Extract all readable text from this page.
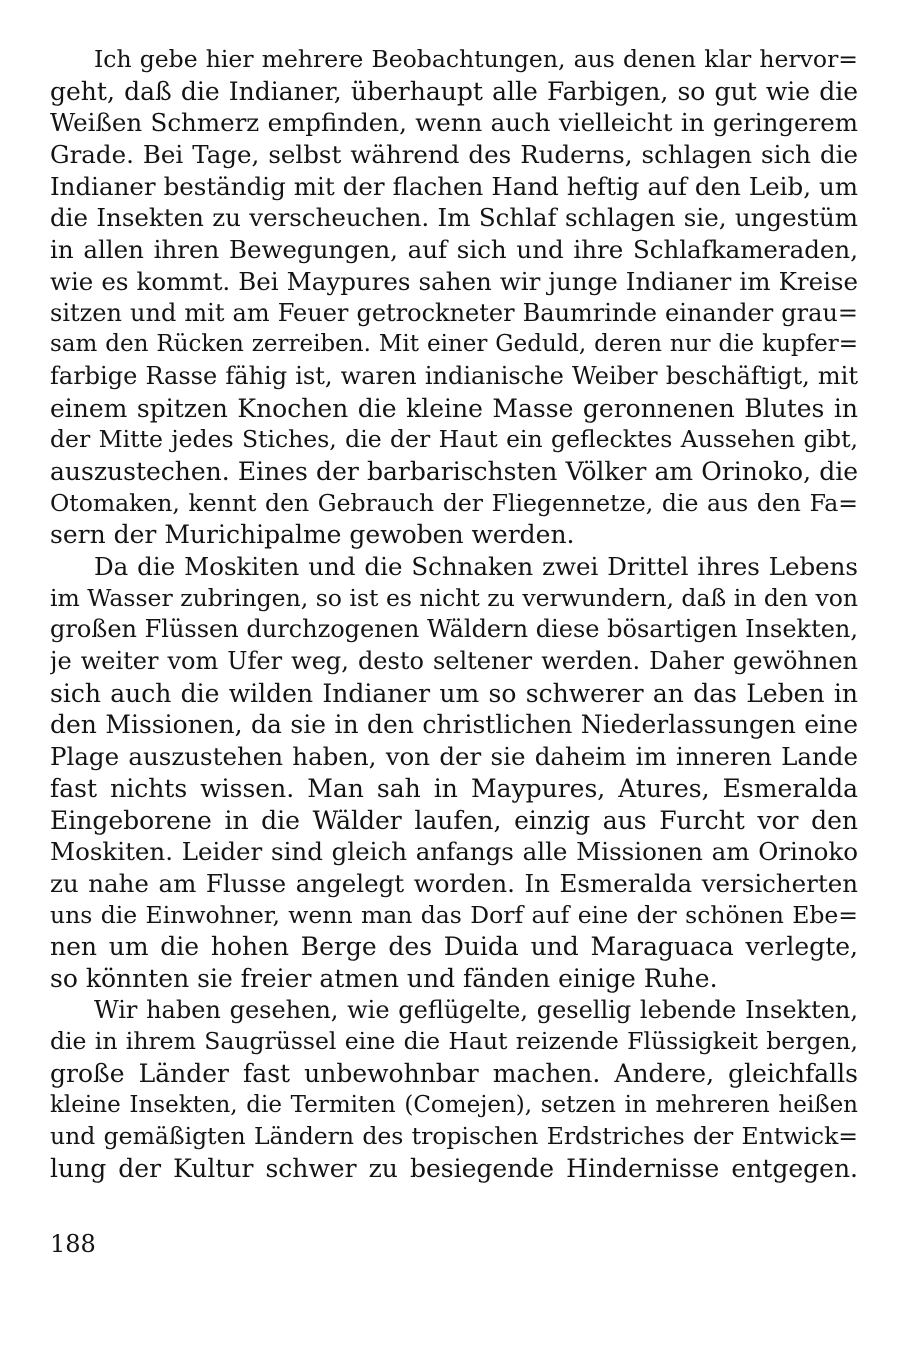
Ich gebe hier mehrere Beobachtungen, aus denen klar hervor=
geht, daß die Indianer, überhaupt alle Farbigen, so gut wie die
Weißen Schmerz empfinden, wenn auch vielleicht in geringerem
Grade. Bei Tage, selbst während des Ruderns, schlagen sich die
Indianer beständig mit der flachen Hand heftig auf den Leib, um
die Insekten zu verscheuchen. Im Schlaf schlagen sie, ungestüm
in allen ihren Bewegungen, auf sich und ihre Schlafkameraden,
wie es kommt. Bei Maypures sahen wir junge Indianer im Kreise
sitzen und mit am Feuer getrockneter Baumrinde einander grau=
sam den Rücken zerreiben. Mit einer Geduld, deren nur die kupfer=
farbige Rasse fähig ist, waren indianische Weiber beschäftigt, mit
einem spitzen Knochen die kleine Masse geronnenen Blutes in
der Mitte jedes Stiches, die der Haut ein geflecktes Aussehen gibt,
auszustechen. Eines der barbarischsten Völker am Orinoko, die
Otomaken, kennt den Gebrauch der Fliegennetze, die aus den Fa=
sern der Murichipalme gewoben werden.
Da die Moskiten und die Schnaken zwei Drittel ihres Lebens
im Wasser zubringen, so ist es nicht zu verwundern, daß in den von
großen Flüssen durchzogenen Wäldern diese bösartigen Insekten,
je weiter vom Ufer weg, desto seltener werden. Daher gewöhnen
sich auch die wilden Indianer um so schwerer an das Leben in
den Missionen, da sie in den christlichen Niederlassungen eine
Plage auszustehen haben, von der sie daheim im inneren Lande
fast nichts wissen. Man sah in Maypures, Atures, Esmeralda
Eingeborene in die Wälder laufen, einzig aus Furcht vor den
Moskiten. Leider sind gleich anfangs alle Missionen am Orinoko
zu nahe am Flusse angelegt worden. In Esmeralda versicherten
uns die Einwohner, wenn man das Dorf auf eine der schönen Ebe=
nen um die hohen Berge des Duida und Maraguaca verlegte,
so könnten sie freier atmen und fänden einige Ruhe.
Wir haben gesehen, wie geflügelte, gesellig lebende Insekten,
die in ihrem Saugrüssel eine die Haut reizende Flüssigkeit bergen,
große Länder fast unbewohnbar machen. Andere, gleichfalls
kleine Insekten, die Termiten (Comejen), setzen in mehreren heißen
und gemäßigten Ländern des tropischen Erdstriches der Entwick=
lung der Kultur schwer zu besiegende Hindernisse entgegen.
188
